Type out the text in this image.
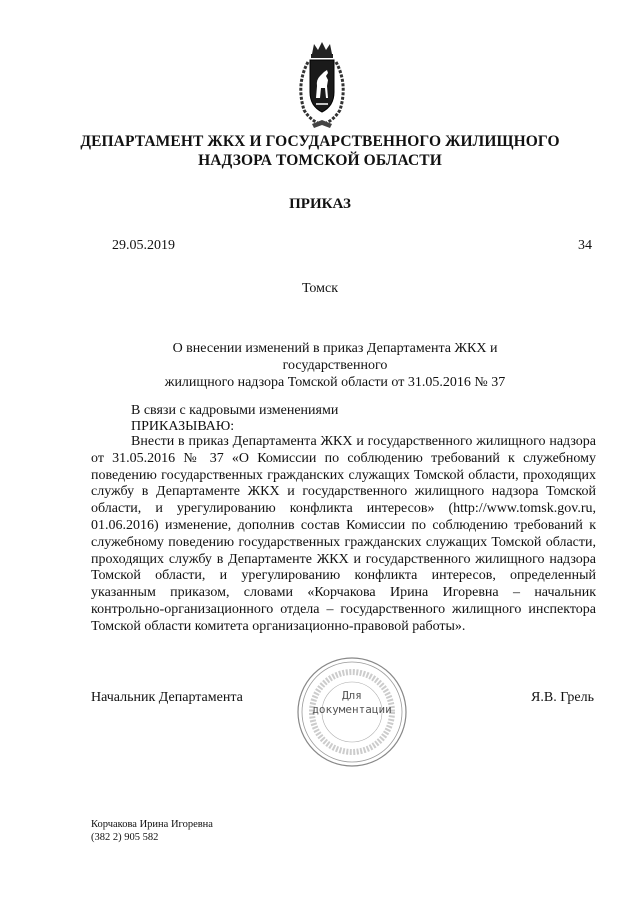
ДЕПАРТАМЕНТ ЖКХ И ГОСУДАРСТВЕННОГО ЖИЛИЩНОГО
НАДЗОРА ТОМСКОЙ ОБЛАСТИ
ПРИКАЗ
29.05.2019	34
Томск
О внесении изменений в приказ Департамента ЖКХ и государственного
жилищного надзора Томской области от 31.05.2016 № 37
В связи с кадровыми изменениями
ПРИКАЗЫВАЮ:
Внести в приказ Департамента ЖКХ и государственного жилищного надзора от 31.05.2016 № 37 «О Комиссии по соблюдению требований к служебному поведению государственных гражданских служащих Томской области, проходящих службу в Департаменте ЖКХ и государственного жилищного надзора Томской области, и урегулированию конфликта интересов» (http://www.tomsk.gov.ru, 01.06.2016) изменение, дополнив состав Комиссии по соблюдению требований к служебному поведению государственных гражданских служащих Томской области, проходящих службу в Департаменте ЖКХ и государственного жилищного надзора Томской области, и урегулированию конфликта интересов, определенный указанным приказом, словами «Корчакова Ирина Игоревна – начальник контрольно-организационного отдела – государственного жилищного инспектора Томской области комитета организационно-правовой работы».
Начальник Департамента	Для
документации
Я.В. Грель
Корчакова Ирина Игоревна
(382 2) 905 582
